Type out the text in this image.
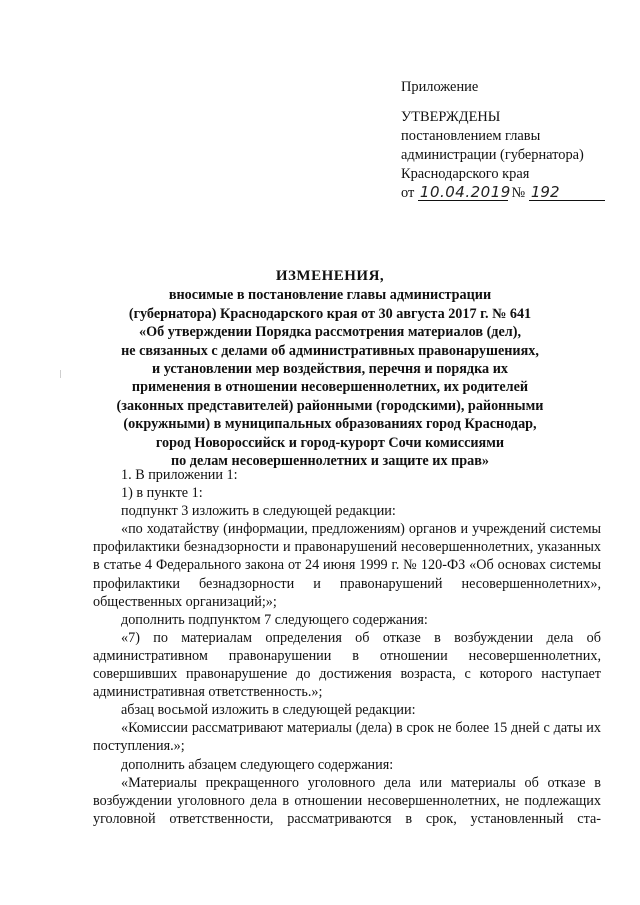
Приложение
УТВЕРЖДЕНЫ
постановлением главы
администрации (губернатора)
Краснодарского края
от 10.04.2019 № 192
ИЗМЕНЕНИЯ,
вносимые в постановление главы администрации
(губернатора) Краснодарского края от 30 августа 2017 г. № 641
«Об утверждении Порядка рассмотрения материалов (дел),
не связанных с делами об административных правонарушениях,
и установлении мер воздействия, перечня и порядка их
применения в отношении несовершеннолетних, их родителей
(законных представителей) районными (городскими), районными
(окружными) в муниципальных образованиях город Краснодар,
город Новороссийск и город-курорт Сочи комиссиями
по делам несовершеннолетних и защите их прав»

1. В приложении 1:

1) в пункте 1:

подпункт 3 изложить в следующей редакции:

«по ходатайству (информации, предложениям) органов и учреждений системы профилактики безнадзорности и правонарушений несовершеннолетних, указанных в статье 4 Федерального закона от 24 июня 1999 г. № 120-ФЗ «Об основах системы профилактики безнадзорности и правонарушений несовершеннолетних», общественных организаций;»;

дополнить подпунктом 7 следующего содержания:

«7) по материалам определения об отказе в возбуждении дела об административном правонарушении в отношении несовершеннолетних, совершивших правонарушение до достижения возраста, с которого наступает административная ответственность.»;

абзац восьмой изложить в следующей редакции:

«Комиссии рассматривают материалы (дела) в срок не более 15 дней с даты их поступления.»;

дополнить абзацем следующего содержания:

«Материалы прекращенного уголовного дела или материалы об отказе в возбуждении уголовного дела в отношении несовершеннолетних, не подлежащих уголовной ответственности, рассматриваются в срок, установленный ста-
